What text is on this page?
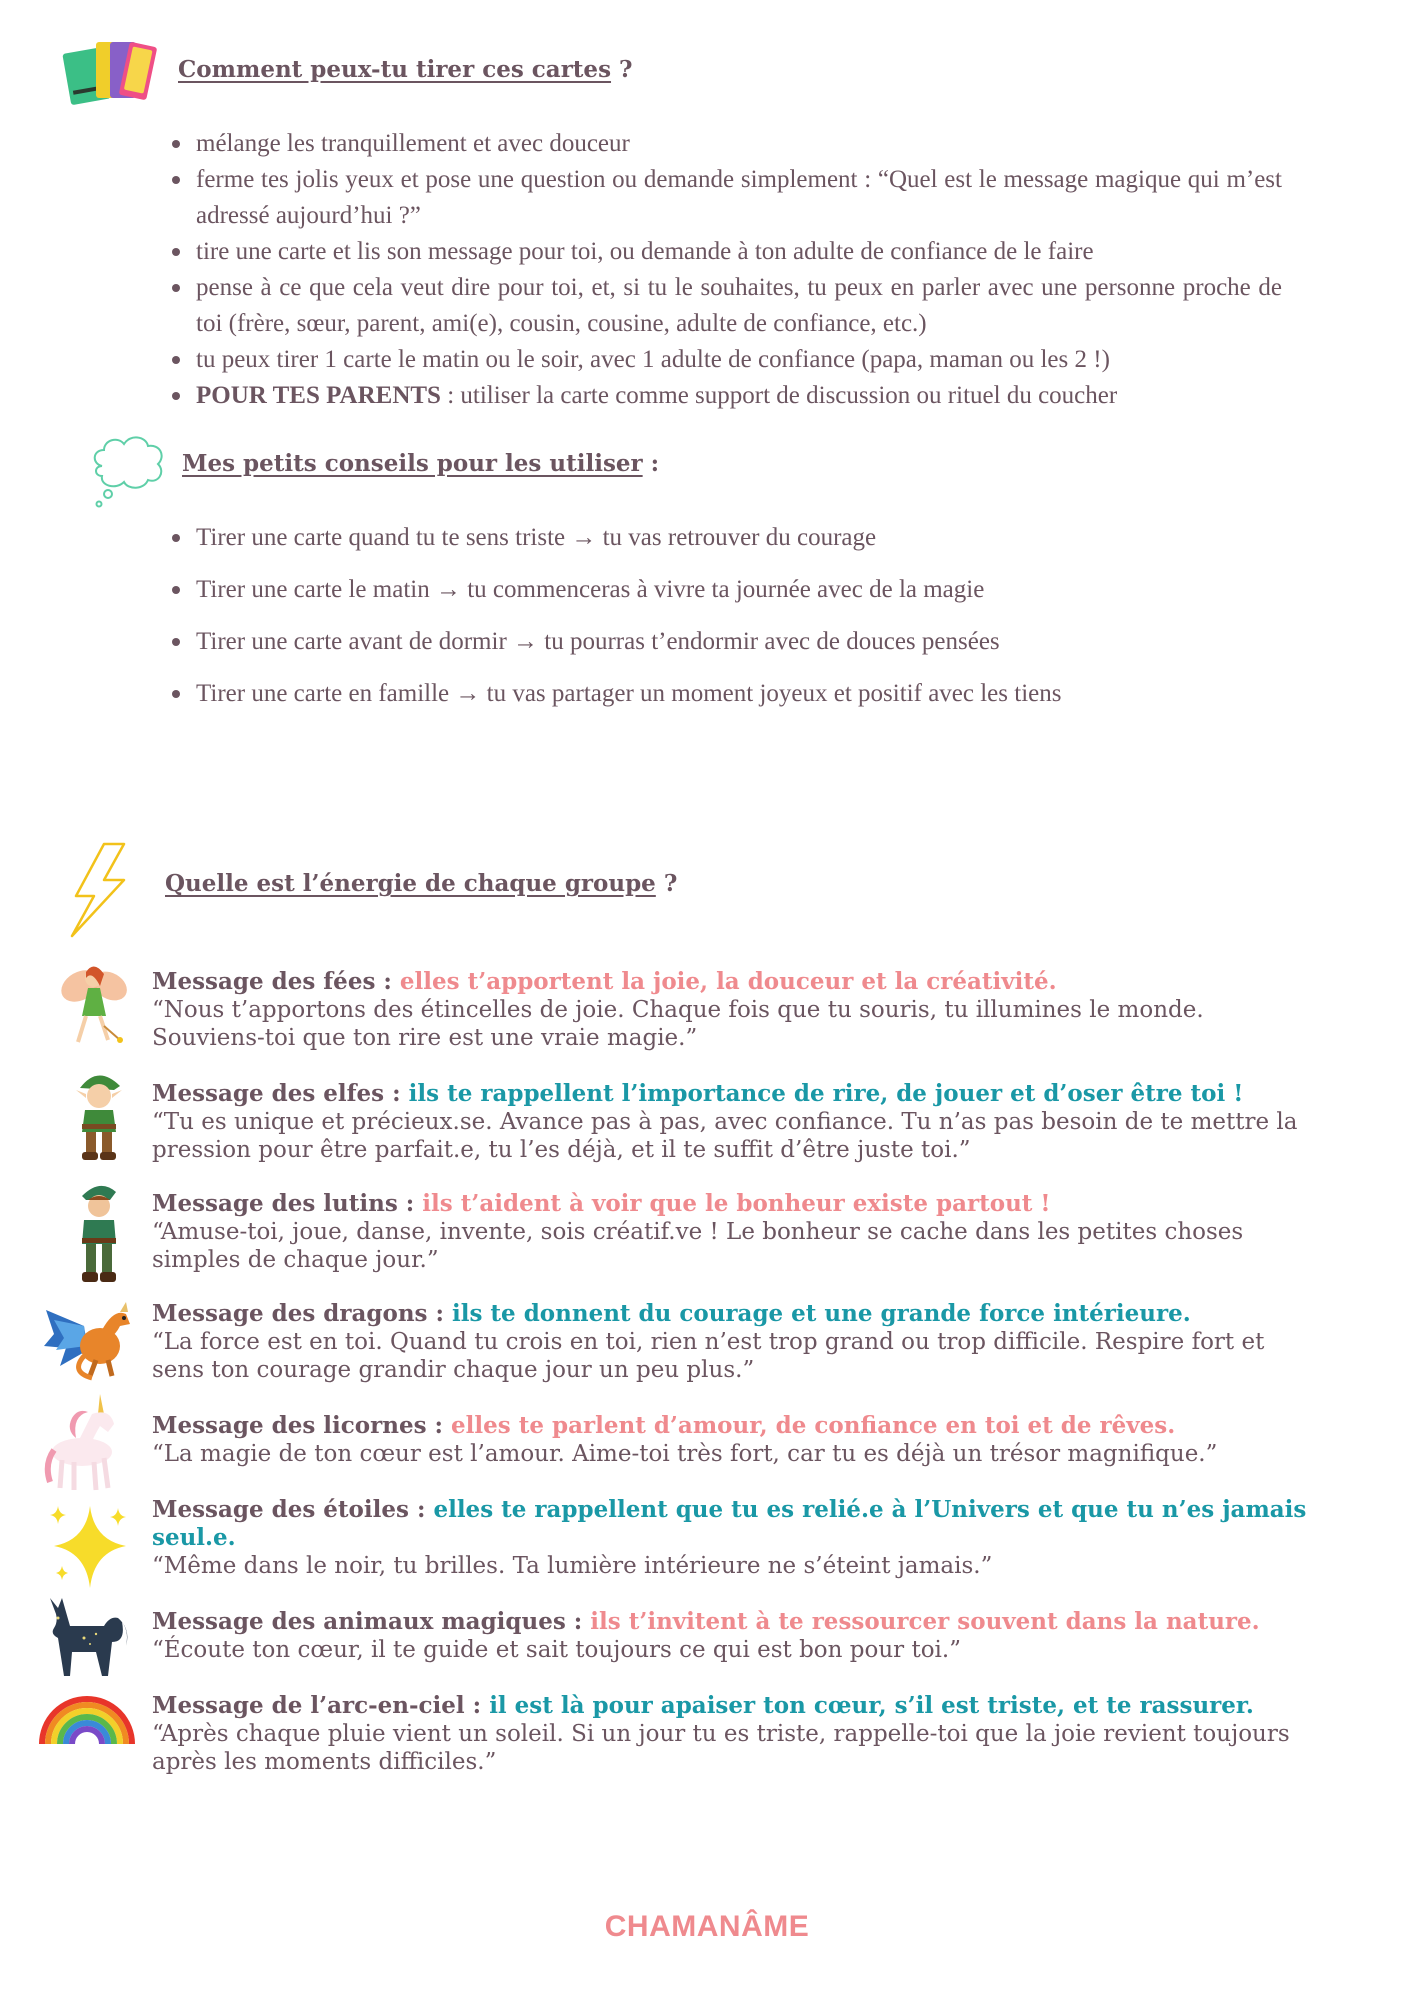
Comment peux-tu tirer ces cartes ?
mélange les tranquillement et avec douceur
ferme tes jolis yeux et pose une question ou demande simplement : “Quel est le message magique qui m’est adressé aujourd’hui ?”
tire une carte et lis son message pour toi, ou demande à ton adulte de confiance de le faire
pense à ce que cela veut dire pour toi, et, si tu le souhaites, tu peux en parler avec une personne proche de toi (frère, sœur, parent, ami(e), cousin, cousine, adulte de confiance, etc.)
tu peux tirer 1 carte le matin ou le soir, avec 1 adulte de confiance (papa, maman ou les 2 !)
POUR TES PARENTS : utiliser la carte comme support de discussion ou rituel du coucher
Mes petits conseils pour les utiliser :
Tirer une carte quand tu te sens triste → tu vas retrouver du courage
Tirer une carte le matin → tu commenceras à vivre ta journée avec de la magie
Tirer une carte avant de dormir → tu pourras t’endormir avec de douces pensées
Tirer une carte en famille → tu vas partager un moment joyeux et positif avec les tiens
Quelle est l’énergie de chaque groupe ?
Message des fées : elles t’apportent la joie, la douceur et la créativité.
“Nous t’apportons des étincelles de joie. Chaque fois que tu souris, tu illumines le monde. Souviens-toi que ton rire est une vraie magie.”
Message des elfes : ils te rappellent l’importance de rire, de jouer et d’oser être toi !
“Tu es unique et précieux.se. Avance pas à pas, avec confiance. Tu n’as pas besoin de te mettre la pression pour être parfait.e, tu l’es déjà, et il te suffit d’être juste toi.”
Message des lutins : ils t’aident à voir que le bonheur existe partout !
“Amuse-toi, joue, danse, invente, sois créatif.ve ! Le bonheur se cache dans les petites choses simples de chaque jour.”
Message des dragons : ils te donnent du courage et une grande force intérieure.
“La force est en toi. Quand tu crois en toi, rien n’est trop grand ou trop difficile. Respire fort et sens ton courage grandir chaque jour un peu plus.”
Message des licornes : elles te parlent d’amour, de confiance en toi et de rêves.
“La magie de ton cœur est l’amour. Aime-toi très fort, car tu es déjà un trésor magnifique.”
Message des étoiles : elles te rappellent que tu es relié.e à l’Univers et que tu n’es jamais seul.e.
“Même dans le noir, tu brilles. Ta lumière intérieure ne s’éteint jamais.”
Message des animaux magiques : ils t’invitent à te ressourcer souvent dans la nature.
“Écoute ton cœur, il te guide et sait toujours ce qui est bon pour toi.”
Message de l’arc-en-ciel : il est là pour apaiser ton cœur, s’il est triste, et te rassurer.
“Après chaque pluie vient un soleil. Si un jour tu es triste, rappelle-toi que la joie revient toujours après les moments difficiles.”
CHAMANÂME
